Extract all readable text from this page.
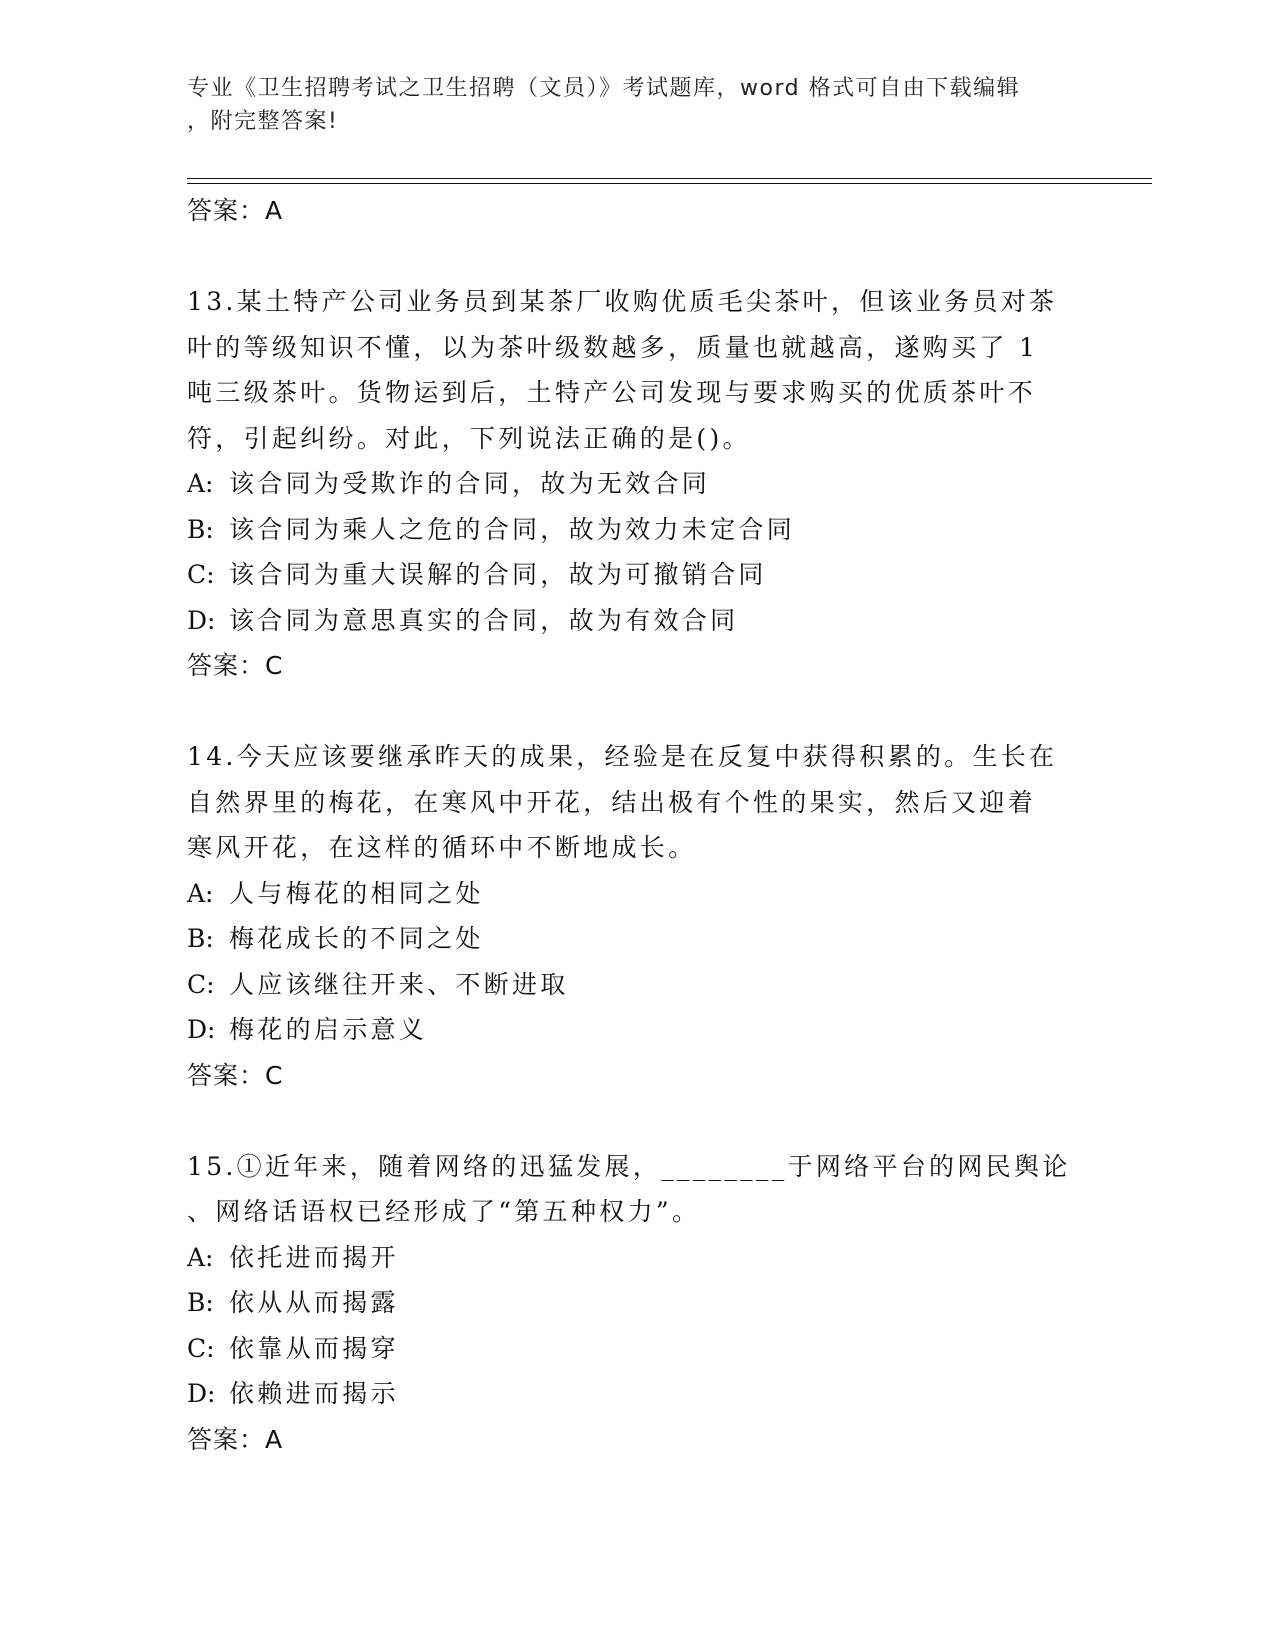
专业《卫生招聘考试之卫生招聘（文员）》考试题库，word 格式可自由下载编辑
，附完整答案!
答案：A
13.某土特产公司业务员到某茶厂收购优质毛尖茶叶，但该业务员对茶
叶的等级知识不懂，以为茶叶级数越多，质量也就越高，遂购买了 1
吨三级茶叶。货物运到后，土特产公司发现与要求购买的优质茶叶不
符，引起纠纷。对此，下列说法正确的是()。
A: 该合同为受欺诈的合同，故为无效合同
B: 该合同为乘人之危的合同，故为效力未定合同
C: 该合同为重大误解的合同，故为可撤销合同
D: 该合同为意思真实的合同，故为有效合同
答案：C
14.今天应该要继承昨天的成果，经验是在反复中获得积累的。生长在
自然界里的梅花，在寒风中开花，结出极有个性的果实，然后又迎着
寒风开花，在这样的循环中不断地成长。
A: 人与梅花的相同之处
B: 梅花成长的不同之处
C: 人应该继往开来、不断进取
D: 梅花的启示意义
答案：C
15.①近年来，随着网络的迅猛发展，________于网络平台的网民舆论
、网络话语权已经形成了“第五种权力”。
A: 依托进而揭开
B: 依从从而揭露
C: 依靠从而揭穿
D: 依赖进而揭示
答案：A
